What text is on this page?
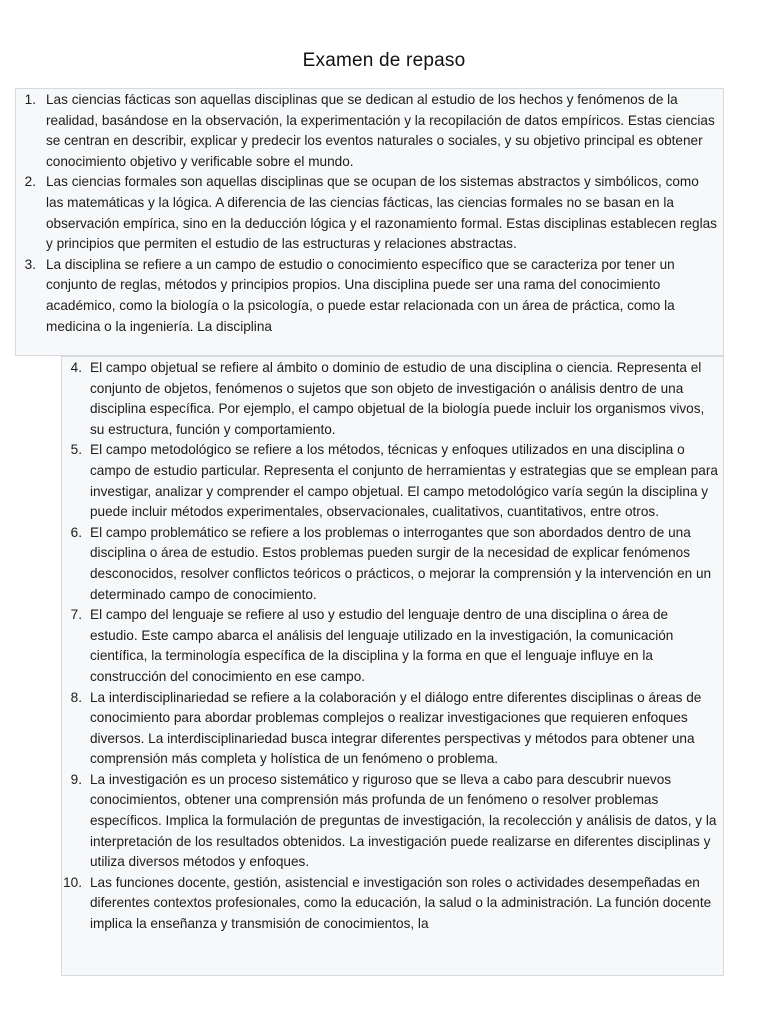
Examen de repaso
1. Las ciencias fácticas son aquellas disciplinas que se dedican al estudio de los hechos y fenómenos de la realidad, basándose en la observación, la experimentación y la recopilación de datos empíricos. Estas ciencias se centran en describir, explicar y predecir los eventos naturales o sociales, y su objetivo principal es obtener conocimiento objetivo y verificable sobre el mundo.
2. Las ciencias formales son aquellas disciplinas que se ocupan de los sistemas abstractos y simbólicos, como las matemáticas y la lógica. A diferencia de las ciencias fácticas, las ciencias formales no se basan en la observación empírica, sino en la deducción lógica y el razonamiento formal. Estas disciplinas establecen reglas y principios que permiten el estudio de las estructuras y relaciones abstractas.
3. La disciplina se refiere a un campo de estudio o conocimiento específico que se caracteriza por tener un conjunto de reglas, métodos y principios propios. Una disciplina puede ser una rama del conocimiento académico, como la biología o la psicología, o puede estar relacionada con un área de práctica, como la medicina o la ingeniería. La disciplina
4. El campo objetual se refiere al ámbito o dominio de estudio de una disciplina o ciencia. Representa el conjunto de objetos, fenómenos o sujetos que son objeto de investigación o análisis dentro de una disciplina específica. Por ejemplo, el campo objetual de la biología puede incluir los organismos vivos, su estructura, función y comportamiento.
5. El campo metodológico se refiere a los métodos, técnicas y enfoques utilizados en una disciplina o campo de estudio particular. Representa el conjunto de herramientas y estrategias que se emplean para investigar, analizar y comprender el campo objetual. El campo metodológico varía según la disciplina y puede incluir métodos experimentales, observacionales, cualitativos, cuantitativos, entre otros.
6. El campo problemático se refiere a los problemas o interrogantes que son abordados dentro de una disciplina o área de estudio. Estos problemas pueden surgir de la necesidad de explicar fenómenos desconocidos, resolver conflictos teóricos o prácticos, o mejorar la comprensión y la intervención en un determinado campo de conocimiento.
7. El campo del lenguaje se refiere al uso y estudio del lenguaje dentro de una disciplina o área de estudio. Este campo abarca el análisis del lenguaje utilizado en la investigación, la comunicación científica, la terminología específica de la disciplina y la forma en que el lenguaje influye en la construcción del conocimiento en ese campo.
8. La interdisciplinariedad se refiere a la colaboración y el diálogo entre diferentes disciplinas o áreas de conocimiento para abordar problemas complejos o realizar investigaciones que requieren enfoques diversos. La interdisciplinariedad busca integrar diferentes perspectivas y métodos para obtener una comprensión más completa y holística de un fenómeno o problema.
9. La investigación es un proceso sistemático y riguroso que se lleva a cabo para descubrir nuevos conocimientos, obtener una comprensión más profunda de un fenómeno o resolver problemas específicos. Implica la formulación de preguntas de investigación, la recolección y análisis de datos, y la interpretación de los resultados obtenidos. La investigación puede realizarse en diferentes disciplinas y utiliza diversos métodos y enfoques.
10. Las funciones docente, gestión, asistencial e investigación son roles o actividades desempeñadas en diferentes contextos profesionales, como la educación, la salud o la administración. La función docente implica la enseñanza y transmisión de conocimientos, la
